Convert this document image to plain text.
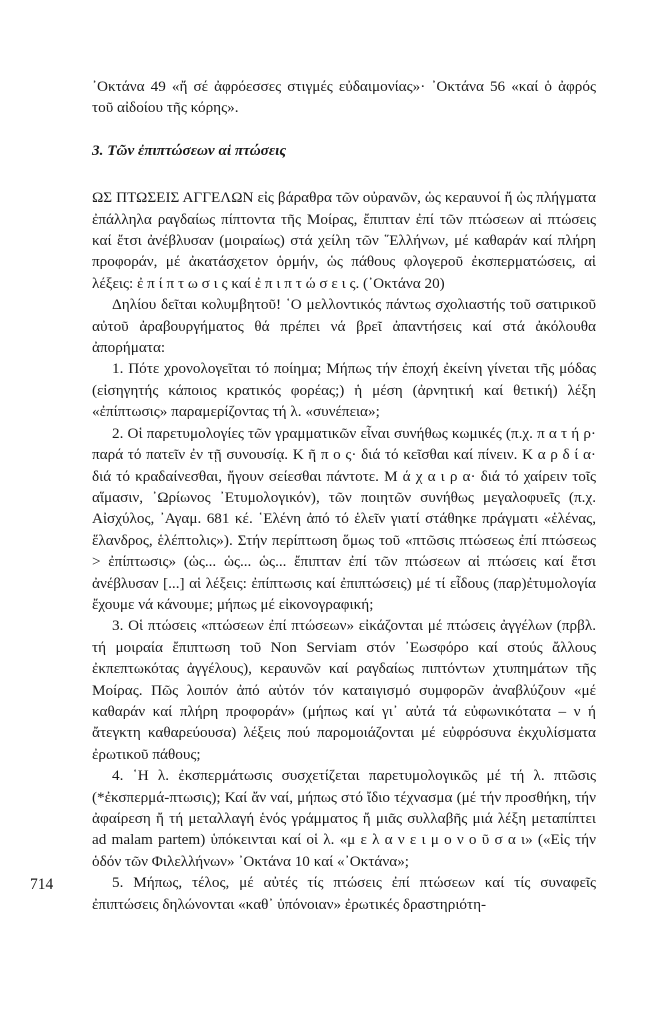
᾽Οκτάνα 49 «ἤ σέ ἀφρόεσσες στιγμές εὐδαιμονίας»· ᾽Οκτάνα 56 «καί ὁ ἀφρός τοῦ αἰδοίου τῆς κόρης».

3. Τῶν ἐπιπτώσεων αἱ πτώσεις

ΩΣ ΠΤΩΣΕΙΣ ΑΓΓΕΛΩΝ εἰς βάραθρα τῶν οὐρανῶν, ὡς κεραυνοί ἤ ὡς πλήγματα ἐπάλληλα ραγδαίως πίπτοντα τῆς Μοίρας, ἔπιπταν ἐπί τῶν πτώσεων αἱ πτώσεις καί ἔτσι ἀνέβλυσαν (μοιραίως) στά χείλη τῶν ῞Ελλήνων, μέ καθαράν καί πλήρη προφοράν, μέ ἀκατάσχετον ὁρμήν, ὡς πάθους φλογεροῦ ἐκσπερματώσεις, αἱ λέξεις: ἐ π ί π τ ω σ ι ς καί ἐ π ι π τ ώ σ ε ι ς. (᾽Οκτάνα 20)

Δηλίου δεῖται κολυμβητοῦ! ῾Ο μελλοντικός πάντως σχολιαστής τοῦ σατιρικοῦ αὐτοῦ ἀραβουργήματος θά πρέπει νά βρεῖ ἀπαντήσεις καί στά ἀκόλουθα ἀπορήματα:

1. Πότε χρονολογεῖται τό ποίημα; Μήπως τήν ἐποχή ἐκείνη γίνεται τῆς μόδας (εἰσηγητής κάποιος κρατικός φορέας;) ἡ μέση (ἀρνητική καί θετική) λέξη «ἐπίπτωσις» παραμερίζοντας τή λ. «συνέπεια»;

2. Οἱ παρετυμολογίες τῶν γραμματικῶν εἶναι συνήθως κωμικές (π.χ. π α τ ή ρ· παρά τό πατεῖν ἐν τῇ συνουσίᾳ. Κ ῆ π ο ς· διά τό κεῖσθαι καί πίνειν. Κ α ρ δ ί α· διά τό κραδαίνεσθαι, ἤγουν σείεσθαι πάντοτε. Μ ά χ α ι ρ α· διά τό χαίρειν τοῖς αἵμασιν, ᾽Ωρίωνος ᾽Ετυμολογικόν), τῶν ποιητῶν συνήθως μεγαλοφυεῖς (π.χ. Αἰσχύλος, ᾽Αγαμ. 681 κέ. ῾Ελένη ἀπό τό ἑλεῖν γιατί στάθηκε πράγματι «ἑλένας, ἕλανδρος, ἑλέπτολις»). Στήν περίπτωση ὅμως τοῦ «πτῶσις πτώσεως ἐπί πτώσεως > ἐπίπτωσις» (ὡς... ὡς... ὡς... ἔπιπταν ἐπί τῶν πτώσεων αἱ πτώσεις καί ἔτσι ἀνέβλυσαν [...] αἱ λέξεις: ἐπίπτωσις καί ἐπιπτώσεις) μέ τί εἶδους (παρ)ἐτυμολογία ἔχουμε νά κάνουμε; μήπως μέ εἰκονογραφική;

3. Οἱ πτώσεις «πτώσεων ἐπί πτώσεων» εἰκάζονται μέ πτώσεις ἀγγέλων (πρβλ. τή μοιραία ἔπιπτωση τοῦ Non Serviam στόν ᾽Εωσφόρο καί στούς ἄλλους ἐκπεπτωκότας ἀγγέλους), κεραυνῶν καί ραγδαίως πιπτόντων χτυπημάτων τῆς Μοίρας. Πῶς λοιπόν ἀπό αὐτόν τόν καταιγισμό συμφορῶν ἀναβλύζουν «μέ καθαράν καί πλήρη προφοράν» (μήπως καί γι᾽ αὐτά τά εὐφωνικότατα – ν ή ἄτεγκτη καθαρεύουσα) λέξεις πού παρομοιάζονται μέ εὐφρόσυνα ἐκχυλίσματα ἐρωτικοῦ πάθους;

4. ῾Η λ. ἐκσπερμάτωσις συσχετίζεται παρετυμολογικῶς μέ τή λ. πτῶσις (*ἐκσπερμά-πτωσις); Καί ἄν ναί, μήπως στό ἴδιο τέχνασμα (μέ τήν προσθήκη, τήν ἀφαίρεση ἤ τή μεταλλαγή ἑνός γράμματος ἤ μιᾶς συλλαβῆς μιά λέξη μεταπίπτει ad malam partem) ὑπόκεινται καί οἱ λ. «μ ε λ α ν ε ι μ ο ν ο ῦ σ α ι» («Εἰς τήν ὁδόν τῶν Φιλελλήνων» ᾽Οκτάνα 10 καί «᾽Οκτάνα»;

5. Μήπως, τέλος, μέ αὐτές τίς πτώσεις ἐπί πτώσεων καί τίς συναφεῖς ἐπιπτώσεις δηλώνονται «καθ᾽ ὑπόνοιαν» ἐρωτικές δραστηριότη-

714
